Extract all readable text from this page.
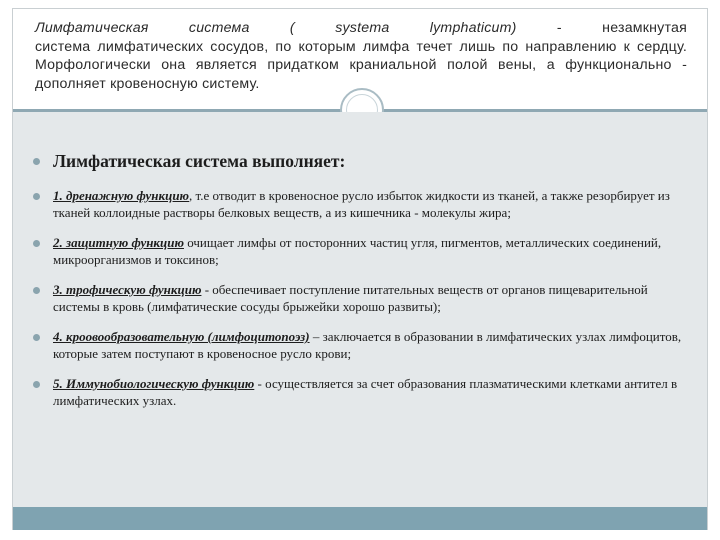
Лимфатическая система ( systema lymphaticum) - незамкнутая
система лимфатических сосудов, по которым лимфа течет лишь по направлению к сердцу. Морфологически она является придатком краниальной полой вены, а функционально - дополняет кровеносную систему.
Лимфатическая система выполняет:
1. дренажную функцию, т.е отводит в кровеносное русло избыток жидкости из тканей, а также резорбирует из тканей коллоидные растворы белковых веществ, а из кишечника - молекулы жира;
2. защитную функцию очищает лимфы от посторонних частиц угля, пигментов, металлических соединений, микроорганизмов и токсинов;
3. трофическую функцию - обеспечивает поступление питательных веществ от органов пищеварительной системы в кровь (лимфатические сосуды брыжейки хорошо развиты);
4. кроовообразовательную (лимфоцитопоэз) – заключается в образовании в лимфатических узлах лимфоцитов, которые затем поступают в кровеносное русло крови;
5. Иммунобиологическую функцию - осуществляется за счет образования плазматическими клетками антител в лимфатических узлах.
